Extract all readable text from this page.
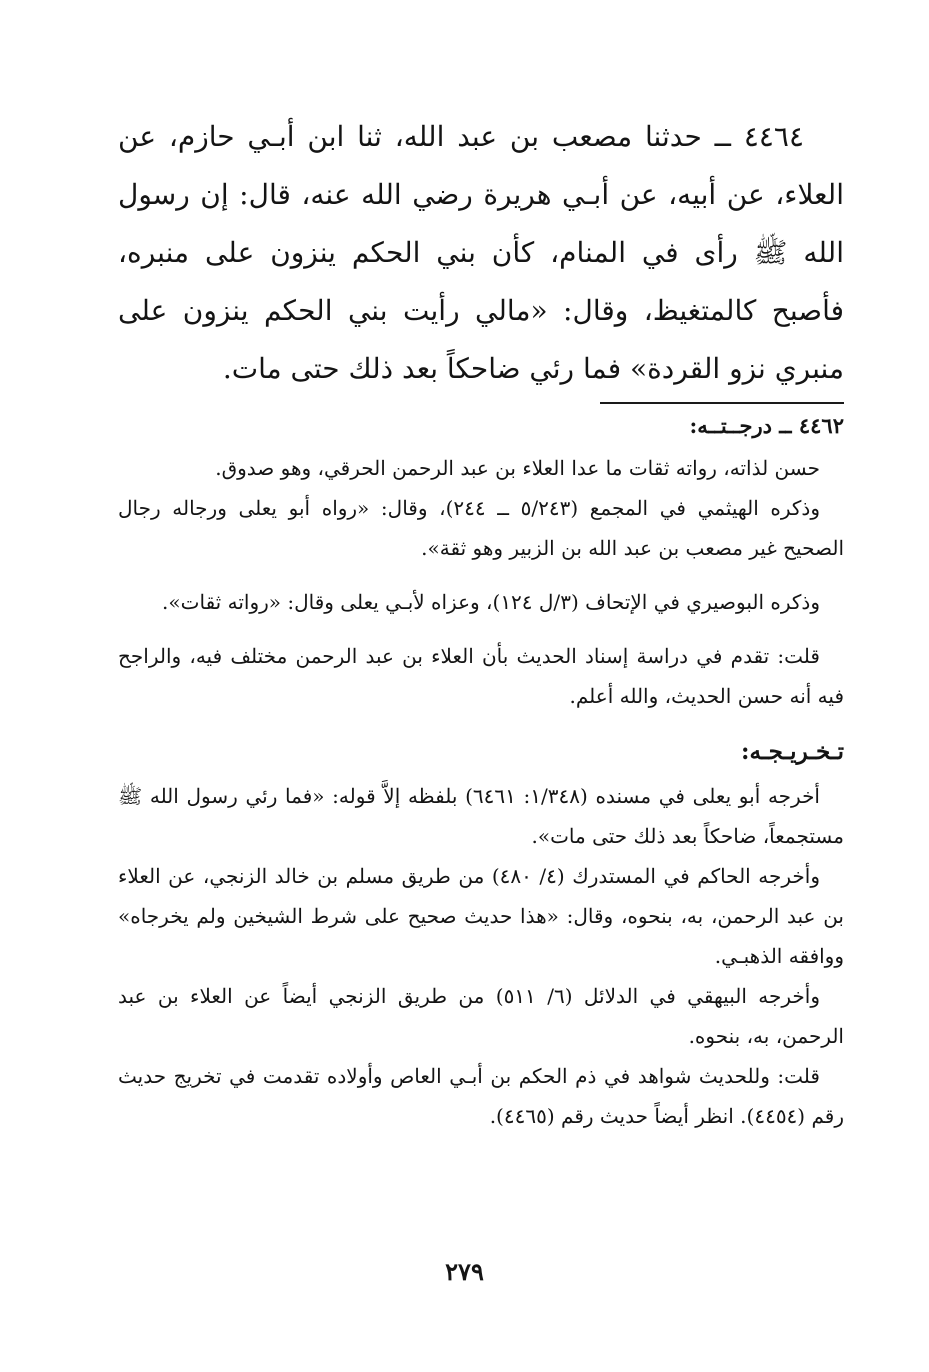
٤٤٦٤ ــ حدثنا مصعب بن عبد الله، ثنا ابن أبـي حازم، عن العلاء، عن أبيه، عن أبـي هريرة رضي الله عنه، قال: إن رسول الله ﷺ رأى في المنام، كأن بني الحكم ينزون على منبره، فأصبح كالمتغيظ، وقال: «مالي رأيت بني الحكم ينزون على منبري نزو القردة» فما رئي ضاحكاً بعد ذلك حتى مات.

٤٤٦٢ ــ درجــتــه:

حسن لذاته، رواته ثقات ما عدا العلاء بن عبد الرحمن الحرقي، وهو صدوق.

وذكره الهيثمي في المجمع (٥/٢٤٣ ــ ٢٤٤)، وقال: «رواه أبو يعلى ورجاله رجال الصحيح غير مصعب بن عبد الله بن الزبير وهو ثقة».

وذكره البوصيري في الإتحاف (٣/ل ١٢٤)، وعزاه لأبـي يعلى وقال: «رواته ثقات».

قلت: تقدم في دراسة إسناد الحديث بأن العلاء بن عبد الرحمن مختلف فيه، والراجح فيه أنه حسن الحديث، والله أعلم.

تـخـريـجـه:

أخرجه أبو يعلى في مسنده (١/٣٤٨: ٦٤٦١) بلفظه إلاَّ قوله: «فما رئي رسول الله ﷺ مستجمعاً، ضاحكاً بعد ذلك حتى مات».

وأخرجه الحاكم في المستدرك (٤/ ٤٨٠) من طريق مسلم بن خالد الزنجي، عن العلاء بن عبد الرحمن، به، بنحوه، وقال: «هذا حديث صحيح على شرط الشيخين ولم يخرجاه» ووافقه الذهبـي.

وأخرجه البيهقي في الدلائل (٦/ ٥١١) من طريق الزنجي أيضاً عن العلاء بن عبد الرحمن، به، بنحوه.

قلت: وللحديث شواهد في ذم الحكم بن أبـي العاص وأولاده تقدمت في تخريج حديث رقم (٤٤٥٤). انظر أيضاً حديث رقم (٤٤٦٥).

٢٧٩
